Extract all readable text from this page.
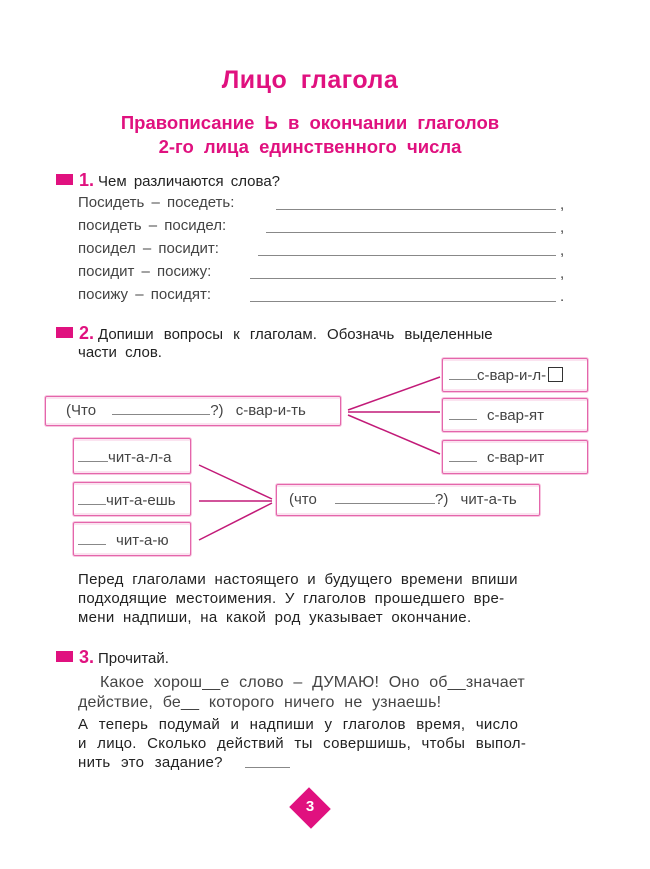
Лицо глагола
Правописание Ь в окончании глаголов
2-го лица единственного числа
1. Чем различаются слова?
Посидеть – поседеть:	,
посидеть – посидел:	,
посидел – посидит:	,
посидит – посижу:	,
посижу – посидят:	.
2. Допиши вопросы к глаголам. Обозначь выделенные
части слов.
(Что	?) с-вар-и-ть
с-вар-и-л-
с-вар-ят
с-вар-ит
чит-а-л-а
чит-а-ешь
чит-а-ю
(что	?) чит-а-ть
Перед глаголами настоящего и будущего времени впиши
подходящие местоимения. У глаголов прошедшего вре-
мени надпиши, на какой род указывает окончание.
3. Прочитай.
Какое хорош__е слово – ДУМАЮ! Оно об__значает
действие, бе__ которого ничего не узнаешь!
А теперь подумай и надпиши у глаголов время, число
и лицо. Сколько действий ты совершишь, чтобы выпол-
нить это задание?
3
